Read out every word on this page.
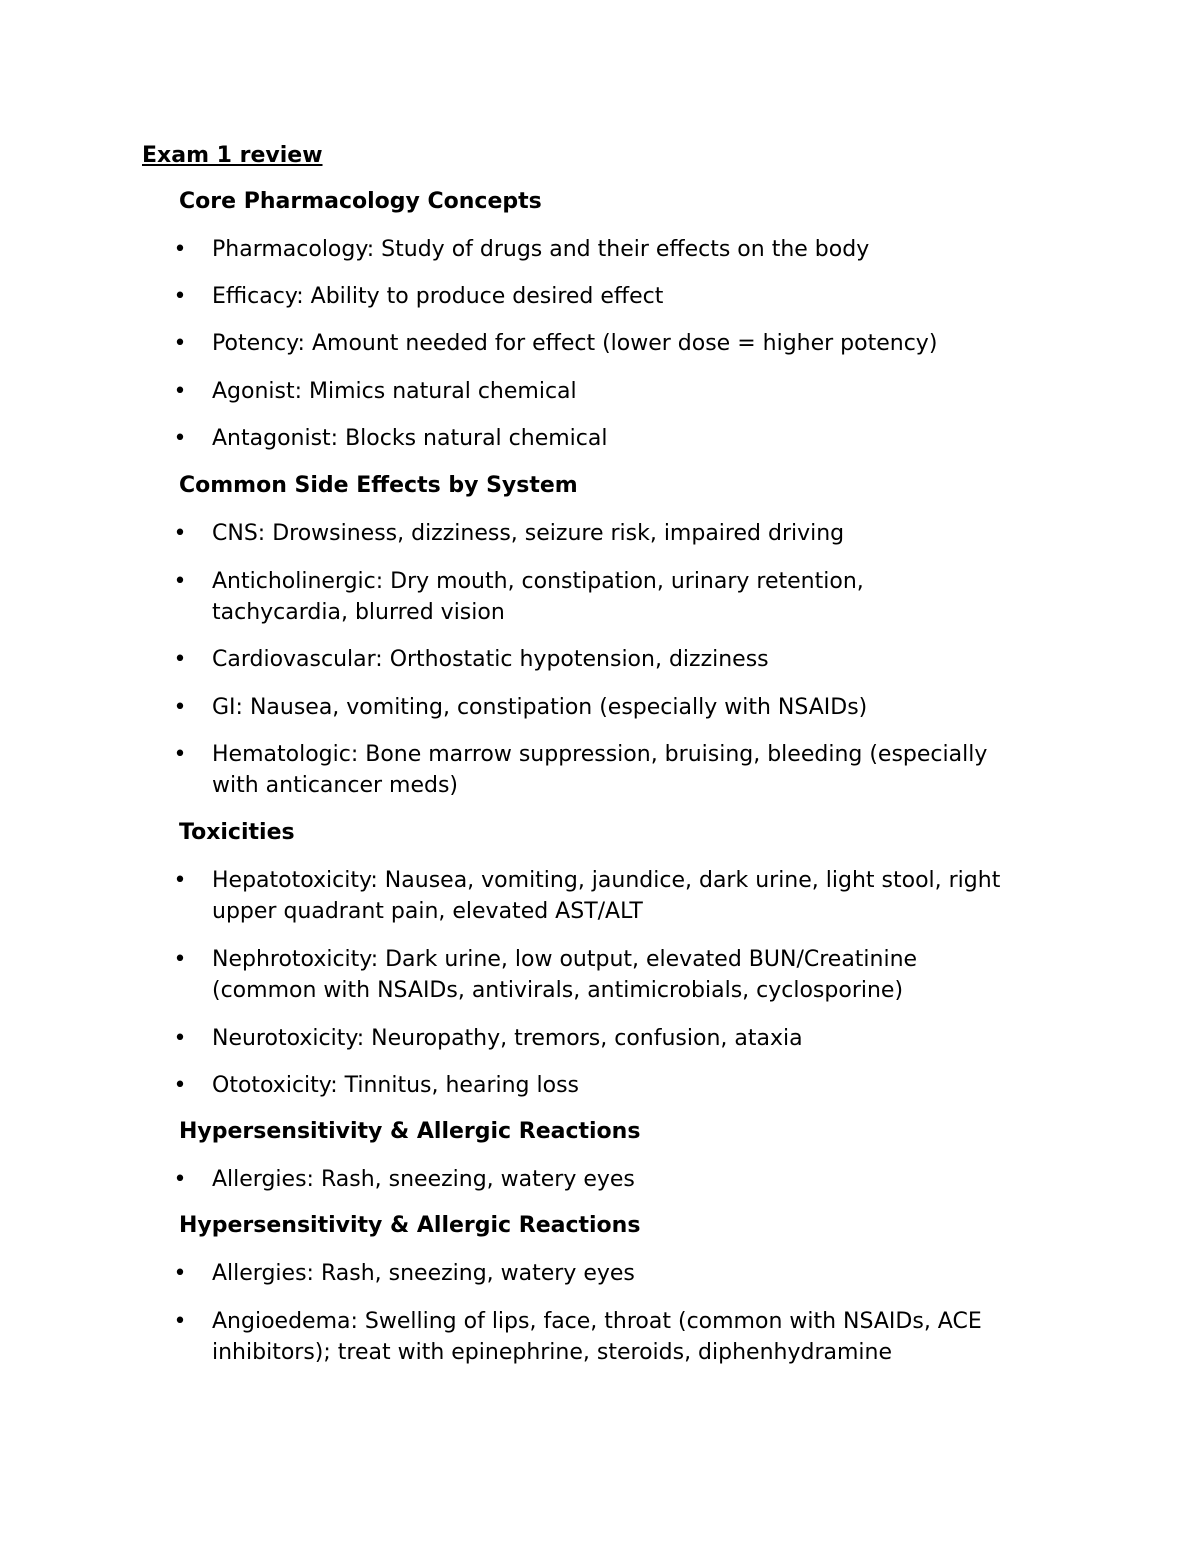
Exam 1 review
Core Pharmacology Concepts
• Pharmacology: Study of drugs and their effects on the body

• Efficacy: Ability to produce desired effect

• Potency: Amount needed for effect (lower dose = higher potency)

• Agonist: Mimics natural chemical

• Antagonist: Blocks natural chemical

Common Side Effects by System
• CNS: Drowsiness, dizziness, seizure risk, impaired driving

• Anticholinergic: Dry mouth, constipation, urinary retention,
tachycardia, blurred vision

• Cardiovascular: Orthostatic hypotension, dizziness

• GI: Nausea, vomiting, constipation (especially with NSAIDs)

• Hematologic: Bone marrow suppression, bruising, bleeding (especially
with anticancer meds)

Toxicities
• Hepatotoxicity: Nausea, vomiting, jaundice, dark urine, light stool, right
upper quadrant pain, elevated AST/ALT

• Nephrotoxicity: Dark urine, low output, elevated BUN/Creatinine
(common with NSAIDs, antivirals, antimicrobials, cyclosporine)

• Neurotoxicity: Neuropathy, tremors, confusion, ataxia

• Ototoxicity: Tinnitus, hearing loss

Hypersensitivity & Allergic Reactions
• Allergies: Rash, sneezing, watery eyes

Hypersensitivity & Allergic Reactions
• Allergies: Rash, sneezing, watery eyes

• Angioedema: Swelling of lips, face, throat (common with NSAIDs, ACE
inhibitors); treat with epinephrine, steroids, diphenhydramine
